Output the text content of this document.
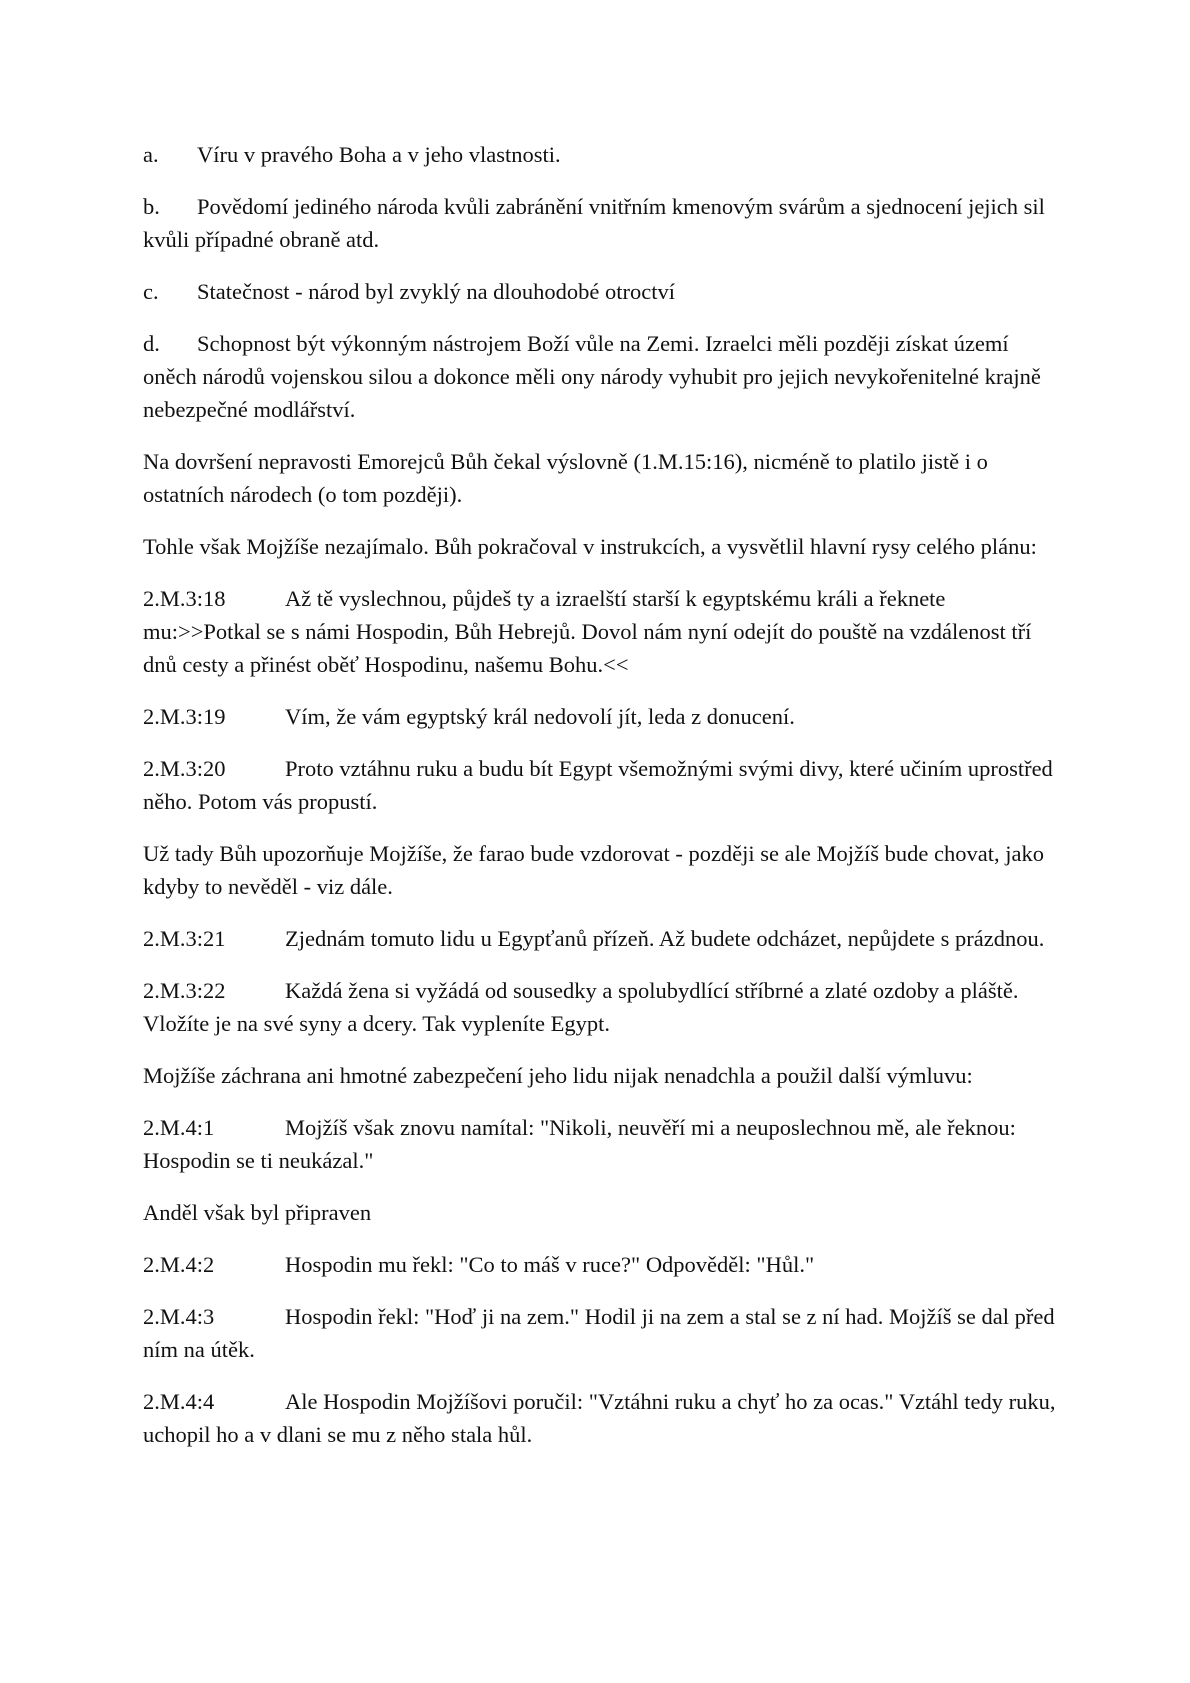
a. Víru v pravého Boha a v jeho vlastnosti.

b. Povědomí jediného národa kvůli zabránění vnitřním kmenovým svárům a sjednocení jejich sil kvůli případné obraně atd.

c. Statečnost - národ byl zvyklý na dlouhodobé otroctví

d. Schopnost být výkonným nástrojem Boží vůle na Zemi. Izraelci měli později získat území oněch národů vojenskou silou a dokonce měli ony národy vyhubit pro jejich nevykořenitelné krajně nebezpečné modlářství.

Na dovršení nepravosti Emorejců Bůh čekal výslovně (1.M.15:16), nicméně to platilo jistě i o ostatních národech (o tom později).

Tohle však Mojžíše nezajímalo. Bůh pokračoval v instrukcích, a vysvětlil hlavní rysy celého plánu:

2.M.3:18	Až tě vyslechnou, půjdeš ty a izraelští starší k egyptskému králi a řeknete mu:>>Potkal se s námi Hospodin, Bůh Hebrejů. Dovol nám nyní odejít do pouště na vzdálenost tří dnů cesty a přinést oběť Hospodinu, našemu Bohu.<<

2.M.3:19	Vím, že vám egyptský král nedovolí jít, leda z donucení.

2.M.3:20	Proto vztáhnu ruku a budu bít Egypt všemožnými svými divy, které učiním uprostřed něho. Potom vás propustí.

Už tady Bůh upozorňuje Mojžíše, že farao bude vzdorovat - později se ale Mojžíš bude chovat, jako kdyby to nevěděl - viz dále.

2.M.3:21	Zjednám tomuto lidu u Egypťanů přízeň. Až budete odcházet, nepůjdete s prázdnou.

2.M.3:22	Každá žena si vyžádá od sousedky a spolubydlící stříbrné a zlaté ozdoby a pláště. Vložíte je na své syny a dcery. Tak vypleníte Egypt.

Mojžíše záchrana ani hmotné zabezpečení jeho lidu nijak nenadchla a použil další výmluvu:

2.M.4:1	Mojžíš však znovu namítal: "Nikoli, neuvěří mi a neuposlechnou mě, ale řeknou: Hospodin se ti neukázal."

Anděl však byl připraven

2.M.4:2	Hospodin mu řekl: "Co to máš v ruce?" Odpověděl: "Hůl."

2.M.4:3	Hospodin řekl: "Hoď ji na zem." Hodil ji na zem a stal se z ní had. Mojžíš se dal před ním na útěk.

2.M.4:4	Ale Hospodin Mojžíšovi poručil: "Vztáhni ruku a chyť ho za ocas." Vztáhl tedy ruku, uchopil ho a v dlani se mu z něho stala hůl.
